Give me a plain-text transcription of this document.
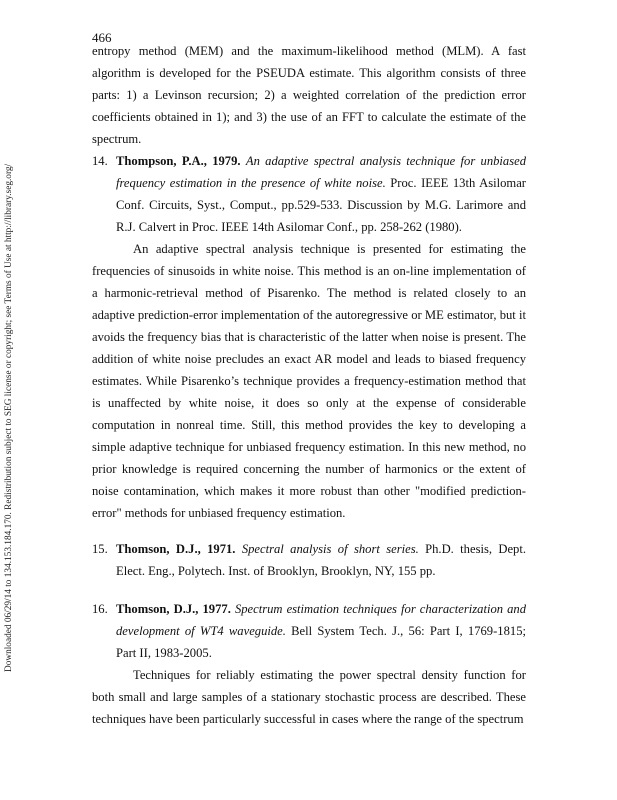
466
Downloaded 06/29/14 to 134.153.184.170. Redistribution subject to SEG license or copyright; see Terms of Use at http://library.seg.org/

entropy method (MEM) and the maximum-likelihood method (MLM). A fast algorithm is developed for the PSEUDA estimate. This algorithm consists of three parts: 1) a Levinson recursion; 2) a weighted correlation of the prediction error coefficients obtained in 1); and 3) the use of an FFT to calculate the estimate of the spectrum.

14. Thompson, P.A., 1979. An adaptive spectral analysis technique for unbiased frequency estimation in the presence of white noise. Proc. IEEE 13th Asilomar Conf. Circuits, Syst., Comput., pp.529-533. Discussion by M.G. Larimore and R.J. Calvert in Proc. IEEE 14th Asilomar Conf., pp. 258-262 (1980).

An adaptive spectral analysis technique is presented for estimating the frequencies of sinusoids in white noise. This method is an on-line implementation of a harmonic-retrieval method of Pisarenko. The method is related closely to an adaptive prediction-error implementation of the autoregressive or ME estimator, but it avoids the frequency bias that is characteristic of the latter when noise is present. The addition of white noise precludes an exact AR model and leads to biased frequency estimates. While Pisarenko’s technique provides a frequency-estimation method that is unaffected by white noise, it does so only at the expense of considerable computation in nonreal time. Still, this method provides the key to developing a simple adaptive technique for unbiased frequency estimation. In this new method, no prior knowledge is required concerning the number of harmonics or the extent of noise contamination, which makes it more robust than other "modified prediction-error" methods for unbiased frequency estimation.

15. Thomson, D.J., 1971. Spectral analysis of short series. Ph.D. thesis, Dept. Elect. Eng., Polytech. Inst. of Brooklyn, Brooklyn, NY, 155 pp.
16. Thomson, D.J., 1977. Spectrum estimation techniques for characterization and development of WT4 waveguide. Bell System Tech. J., 56: Part I, 1769-1815; Part II, 1983-2005.

Techniques for reliably estimating the power spectral density function for both small and large samples of a stationary stochastic process are described. These techniques have been particularly successful in cases where the range of the spectrum
